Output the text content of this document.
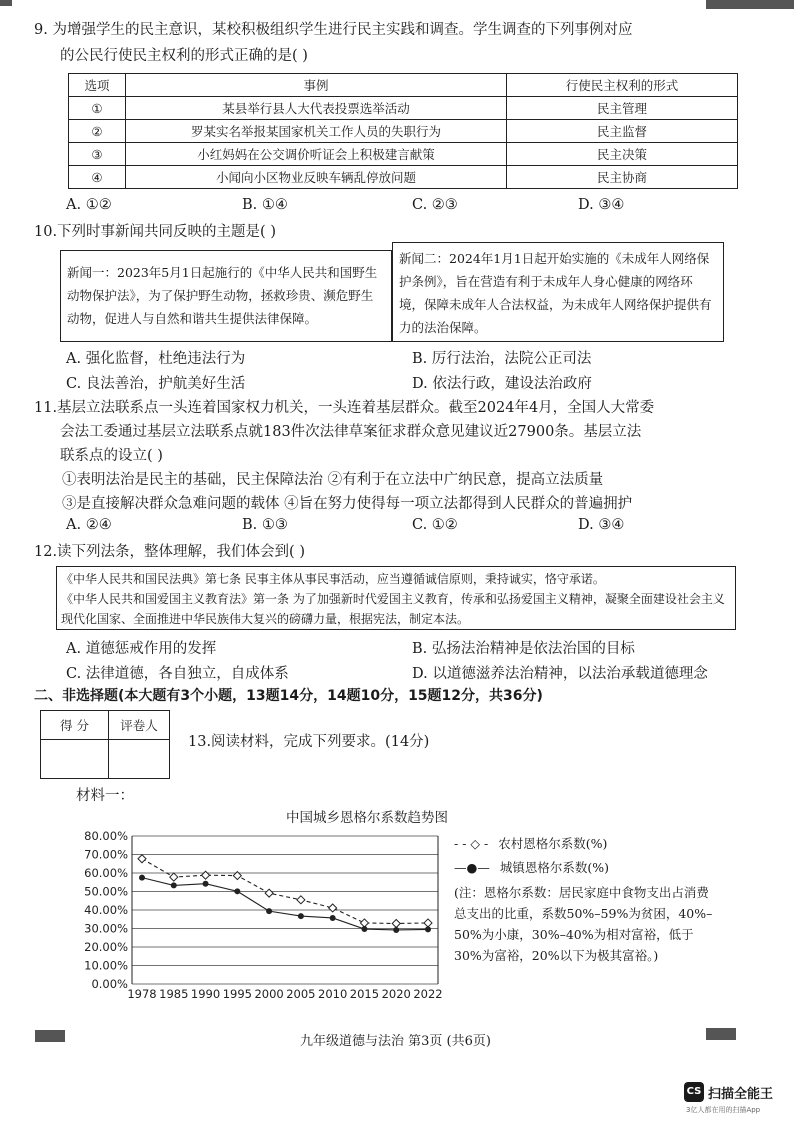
9. 为增强学生的民主意识，某校积极组织学生进行民主实践和调查。学生调查的下列事例对应
的公民行使民主权利的形式正确的是( )
选项	事例	行使民主权利的形式
①	某县举行县人大代表投票选举活动	民主管理
②	罗某实名举报某国家机关工作人员的失职行为	民主监督
③	小红妈妈在公交调价听证会上积极建言献策	民主决策
④	小闻向小区物业反映车辆乱停放问题	民主协商
A. ①②	B. ①④	C. ②③	D. ③④
10.下列时事新闻共同反映的主题是( )
新闻一：2023年5月1日起施行的《中华人民共和国野生动物保护法》，为了保护野生动物，拯救珍贵、濒危野生动物，促进人与自然和谐共生提供法律保障。
新闻二：2024年1月1日起开始实施的《未成年人网络保护条例》，旨在营造有利于未成年人身心健康的网络环境，保障未成年人合法权益，为未成年人网络保护提供有力的法治保障。
A. 强化监督，杜绝违法行为	B. 厉行法治，法院公正司法
C. 良法善治，护航美好生活	D. 依法行政，建设法治政府
11.基层立法联系点一头连着国家权力机关，一头连着基层群众。截至2024年4月，全国人大常委
会法工委通过基层立法联系点就183件次法律草案征求群众意见建议近27900条。基层立法
联系点的设立( )
①表明法治是民主的基础，民主保障法治 ②有利于在立法中广纳民意，提高立法质量
③是直接解决群众急难问题的载体 ④旨在努力使得每一项立法都得到人民群众的普遍拥护
A. ②④	B. ①③	C. ①②	D. ③④
12.读下列法条，整体理解，我们体会到( )
《中华人民共和国民法典》第七条 民事主体从事民事活动，应当遵循诚信原则，秉持诚实，恪守承诺。
《中华人民共和国爱国主义教育法》第一条 为了加强新时代爱国主义教育，传承和弘扬爱国主义精神，凝聚全面建设社会主义现代化国家、全面推进中华民族伟大复兴的磅礴力量，根据宪法，制定本法。
A. 道德惩戒作用的发挥	B. 弘扬法治精神是依法治国的目标
C. 法律道德，各自独立，自成体系	D. 以道德滋养法治精神，以法治承载道德理念
二、非选择题(本大题有3个小题，13题14分，14题10分，15题12分，共36分)
得 分	评卷人

13.阅读材料，完成下列要求。(14分)
材料一：
中国城乡恩格尔系数趋势图
0.00%
10.00%
20.00%
30.00%
40.00%
50.00%
60.00%
70.00%
80.00%
1978 1985 1990 1995 2000 2005 2010 2015 2020 2022
- - ◇ - 农村恩格尔系数(%)
—●— 城镇恩格尔系数(%)
(注：恩格尔系数：居民家庭中食物支出占消费总支出的比重，系数50%–59%为贫困，40%–50%为小康，30%–40%为相对富裕，低于30%为富裕，20%以下为极其富裕。)
九年级道德与法治 第3页 (共6页)
CS 扫描全能王
3亿人都在用的扫描App
